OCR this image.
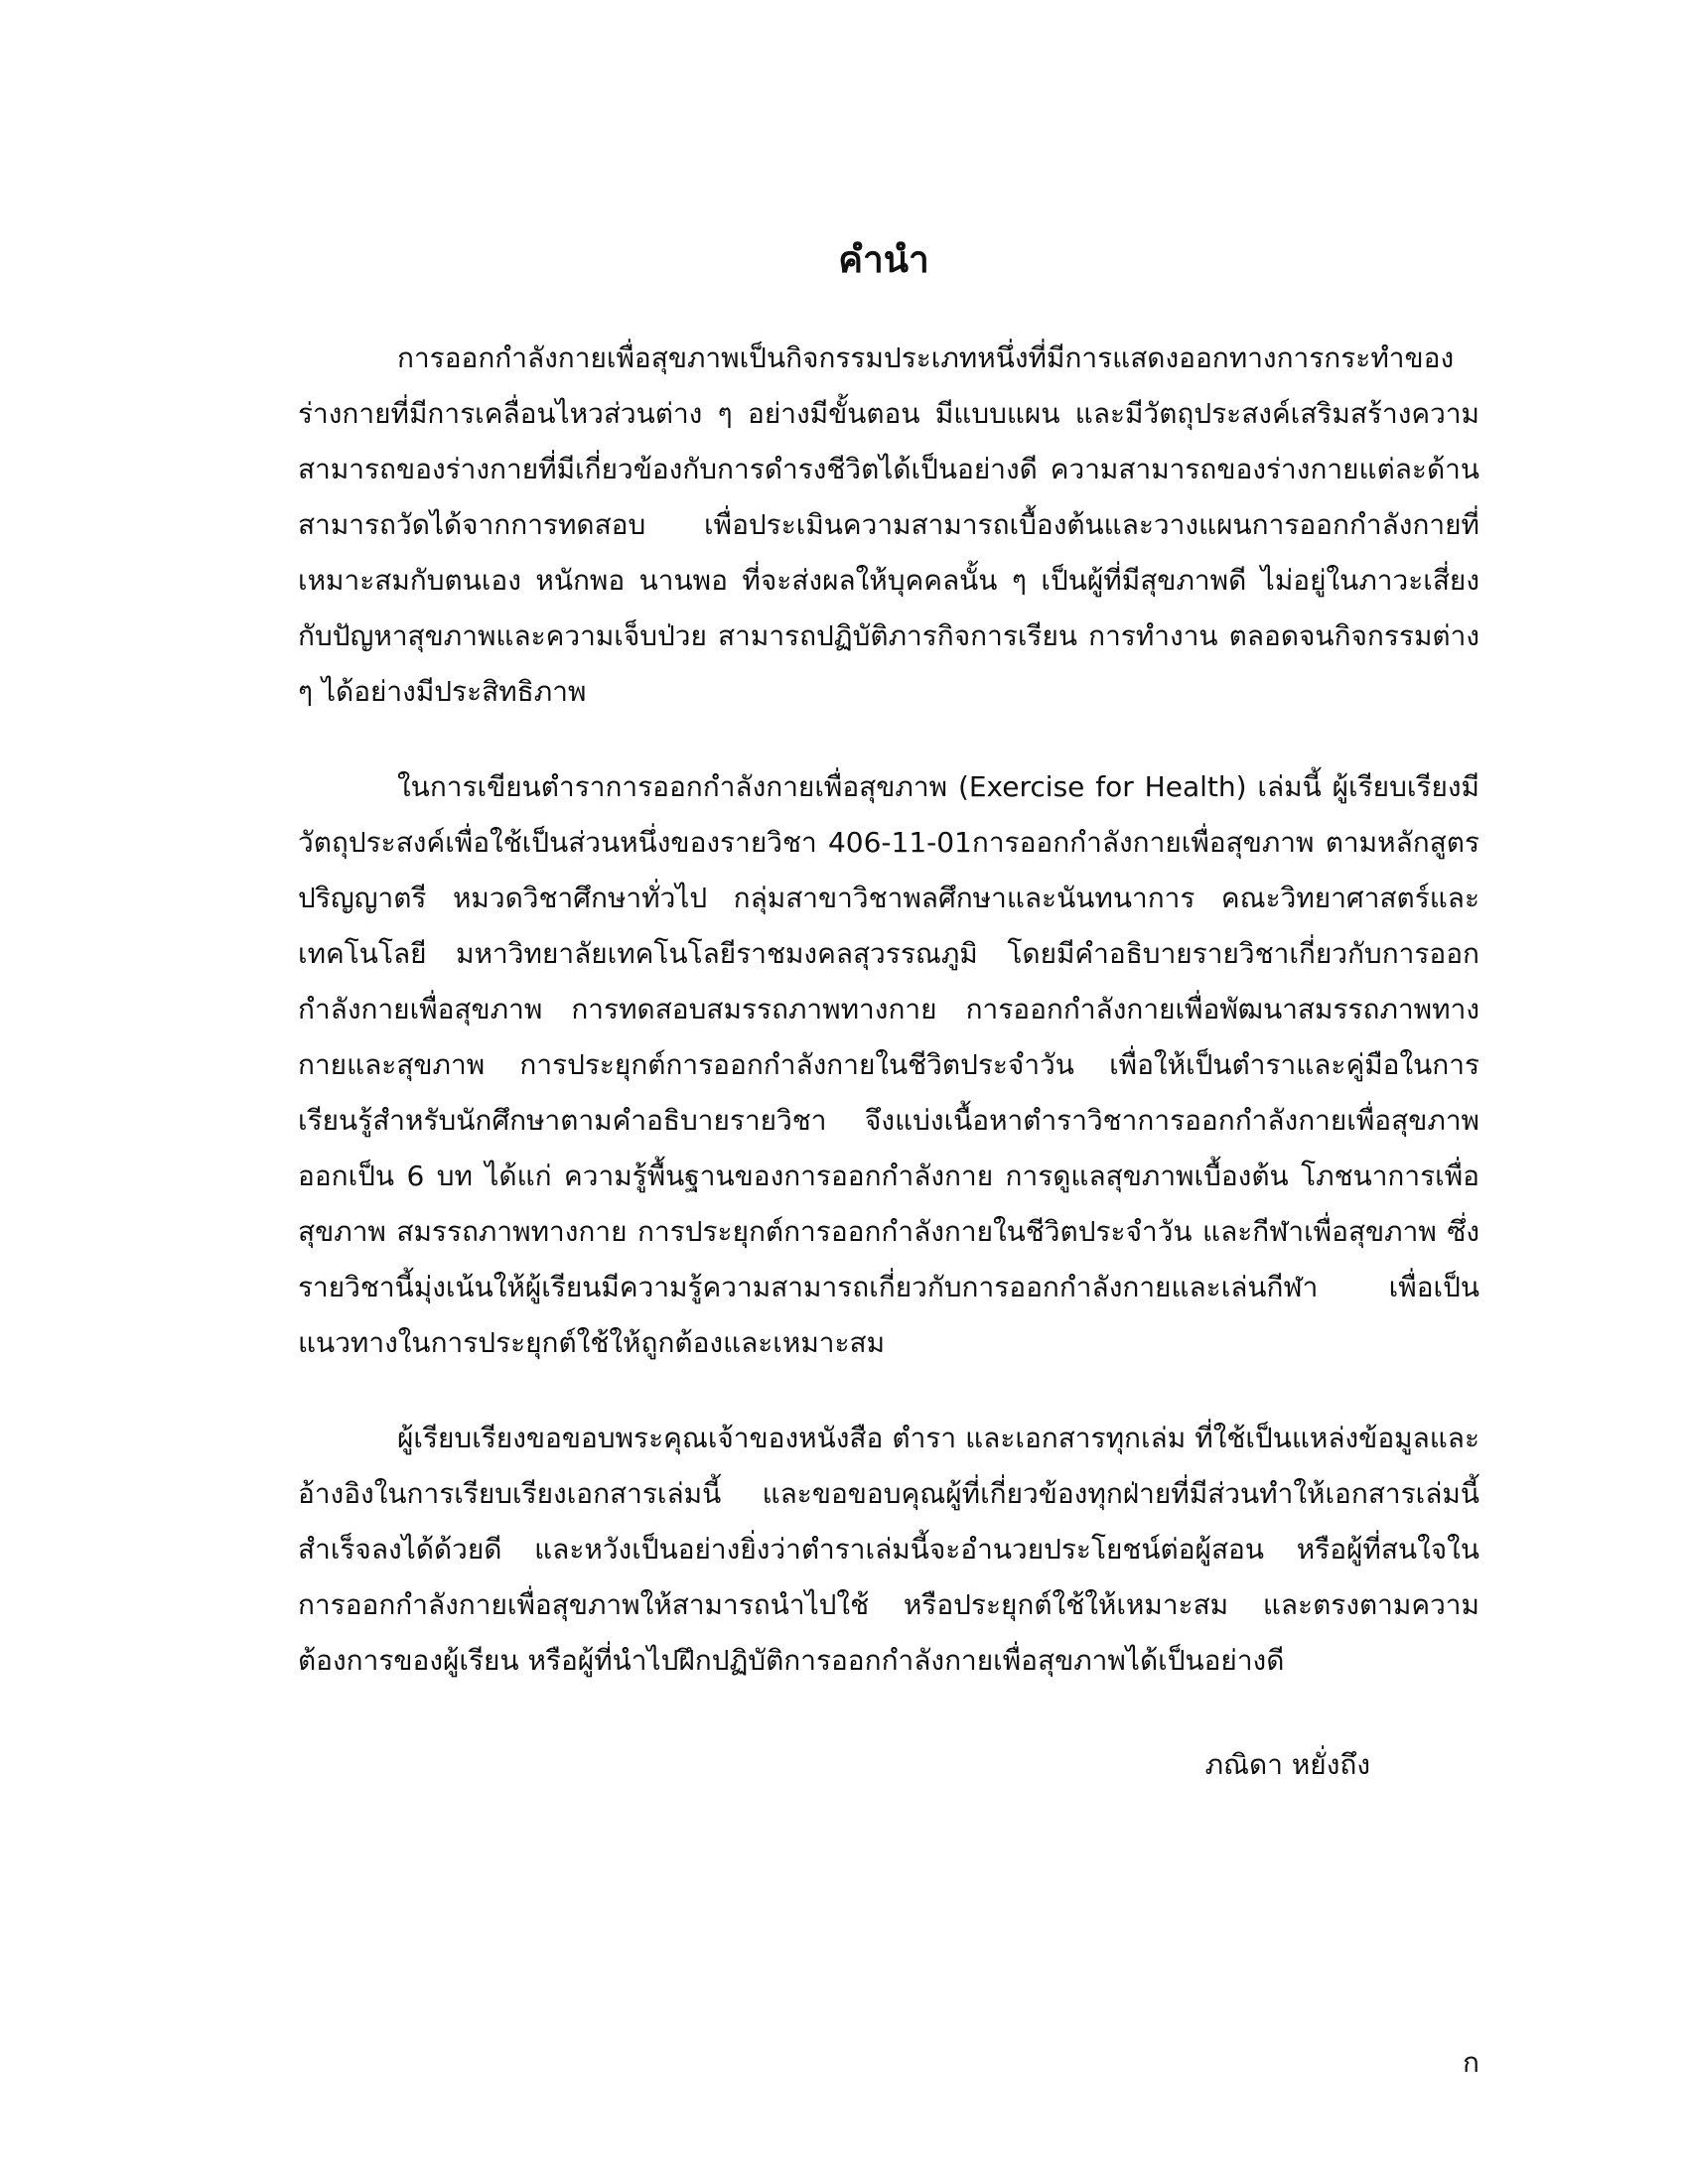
คำนำ

การออกกำลังกายเพื่อสุขภาพเป็นกิจกรรมประเภทหนึ่งที่มีการแสดงออกทางการกระทำของร่างกายที่มีการเคลื่อนไหวส่วนต่าง ๆ อย่างมีขั้นตอน มีแบบแผน และมีวัตถุประสงค์เสริมสร้างความสามารถของร่างกายที่มีเกี่ยวข้องกับการดำรงชีวิตได้เป็นอย่างดี ความสามารถของร่างกายแต่ละด้านสามารถวัดได้จากการทดสอบ เพื่อประเมินความสามารถเบื้องต้นและวางแผนการออกกำลังกายที่เหมาะสมกับตนเอง หนักพอ นานพอ ที่จะส่งผลให้บุคคลนั้น ๆ เป็นผู้ที่มีสุขภาพดี ไม่อยู่ในภาวะเสี่ยงกับปัญหาสุขภาพและความเจ็บป่วย สามารถปฏิบัติภารกิจการเรียน การทำงาน ตลอดจนกิจกรรมต่าง ๆ ได้อย่างมีประสิทธิภาพ

ในการเขียนตำราการออกกำลังกายเพื่อสุขภาพ (Exercise for Health) เล่มนี้ ผู้เรียบเรียงมีวัตถุประสงค์เพื่อใช้เป็นส่วนหนึ่งของรายวิชา 406-11-01การออกกำลังกายเพื่อสุขภาพ ตามหลักสูตรปริญญาตรี หมวดวิชาศึกษาทั่วไป กลุ่มสาขาวิชาพลศึกษาและนันทนาการ คณะวิทยาศาสตร์และเทคโนโลยี มหาวิทยาลัยเทคโนโลยีราชมงคลสุวรรณภูมิ โดยมีคำอธิบายรายวิชาเกี่ยวกับการออกกำลังกายเพื่อสุขภาพ การทดสอบสมรรถภาพทางกาย การออกกำลังกายเพื่อพัฒนาสมรรถภาพทางกายและสุขภาพ การประยุกต์การออกกำลังกายในชีวิตประจำวัน เพื่อให้เป็นตำราและคู่มือในการเรียนรู้สำหรับนักศึกษาตามคำอธิบายรายวิชา จึงแบ่งเนื้อหาตำราวิชาการออกกำลังกายเพื่อสุขภาพ ออกเป็น 6 บท ได้แก่ ความรู้พื้นฐานของการออกกำลังกาย การดูแลสุขภาพเบื้องต้น โภชนาการเพื่อสุขภาพ สมรรถภาพทางกาย การประยุกต์การออกกำลังกายในชีวิตประจำวัน และกีฬาเพื่อสุขภาพ ซึ่งรายวิชานี้มุ่งเน้นให้ผู้เรียนมีความรู้ความสามารถเกี่ยวกับการออกกำลังกายและเล่นกีฬา เพื่อเป็นแนวทางในการประยุกต์ใช้ให้ถูกต้องและเหมาะสม

ผู้เรียบเรียงขอขอบพระคุณเจ้าของหนังสือ ตำรา และเอกสารทุกเล่ม ที่ใช้เป็นแหล่งข้อมูลและอ้างอิงในการเรียบเรียงเอกสารเล่มนี้ และขอขอบคุณผู้ที่เกี่ยวข้องทุกฝ่ายที่มีส่วนทำให้เอกสารเล่มนี้สำเร็จลงได้ด้วยดี และหวังเป็นอย่างยิ่งว่าตำราเล่มนี้จะอำนวยประโยชน์ต่อผู้สอน หรือผู้ที่สนใจในการออกกำลังกายเพื่อสุขภาพให้สามารถนำไปใช้ หรือประยุกต์ใช้ให้เหมาะสม และตรงตามความต้องการของผู้เรียน หรือผู้ที่นำไปฝึกปฏิบัติการออกกำลังกายเพื่อสุขภาพได้เป็นอย่างดี

ภณิดา หยั่งถึง
ก
